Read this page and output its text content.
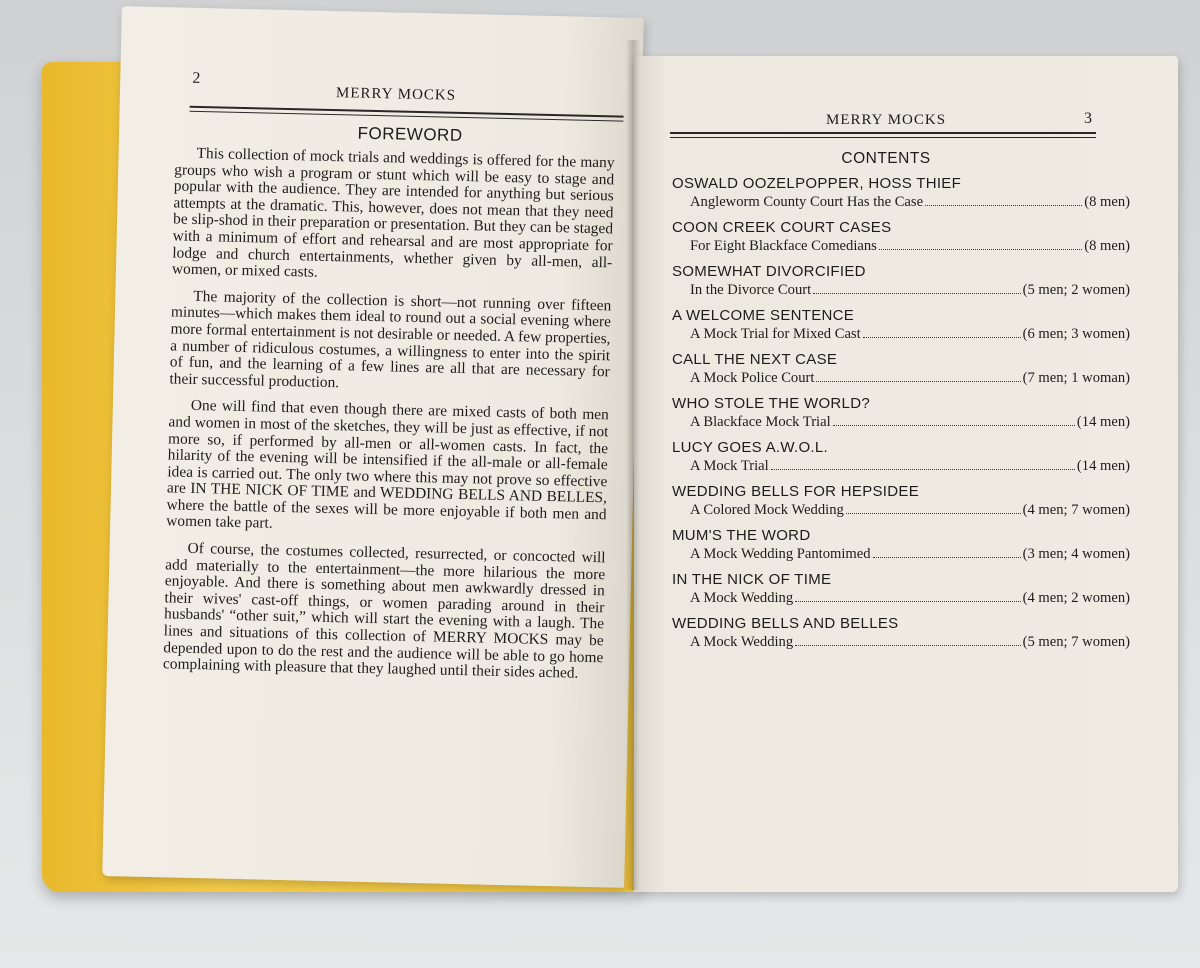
2
MERRY MOCKS
FOREWORD

This collection of mock trials and weddings is offered for the many groups who wish a program or stunt which will be easy to stage and popular with the audience. They are intended for anything but serious attempts at the dramatic. This, however, does not mean that they need be slip-shod in their preparation or presentation. But they can be staged with a minimum of effort and rehearsal and are most appropriate for lodge and church entertainments, whether given by all-men, all-women, or mixed casts.

The majority of the collection is short—not running over fifteen minutes—which makes them ideal to round out a social evening where more formal entertainment is not desirable or needed. A few properties, a number of ridiculous costumes, a willingness to enter into the spirit of fun, and the learning of a few lines are all that are necessary for their successful production.

One will find that even though there are mixed casts of both men and women in most of the sketches, they will be just as effective, if not more so, if performed by all-men or all-women casts. In fact, the hilarity of the evening will be intensified if the all-male or all-female idea is carried out. The only two where this may not prove so effective are IN THE NICK OF TIME and WEDDING BELLS AND BELLES, where the battle of the sexes will be more enjoyable if both men and women take part.

Of course, the costumes collected, resurrected, or concocted will add materially to the entertainment—the more hilarious the more enjoyable. And there is something about men awkwardly dressed in their wives' cast-off things, or women parading around in their husbands' “other suit,” which will start the evening with a laugh. The lines and situations of this collection of MERRY MOCKS may be depended upon to do the rest and the audience will be able to go home complaining with pleasure that they laughed until their sides ached.

MERRY MOCKS	3
CONTENTS
OSWALD OOZELPOPPER, HOSS THIEF
Angleworm County Court Has the Case	(8 men)
COON CREEK COURT CASES
For Eight Blackface Comedians	(8 men)
SOMEWHAT DIVORCIFIED
In the Divorce Court	(5 men; 2 women)
A WELCOME SENTENCE
A Mock Trial for Mixed Cast	(6 men; 3 women)
CALL THE NEXT CASE
A Mock Police Court	(7 men; 1 woman)
WHO STOLE THE WORLD?
A Blackface Mock Trial	(14 men)
LUCY GOES A.W.O.L.
A Mock Trial	(14 men)
WEDDING BELLS FOR HEPSIDEE
A Colored Mock Wedding	(4 men; 7 women)
MUM'S THE WORD
A Mock Wedding Pantomimed	(3 men; 4 women)
IN THE NICK OF TIME
A Mock Wedding	(4 men; 2 women)
WEDDING BELLS AND BELLES
A Mock Wedding	(5 men; 7 women)
